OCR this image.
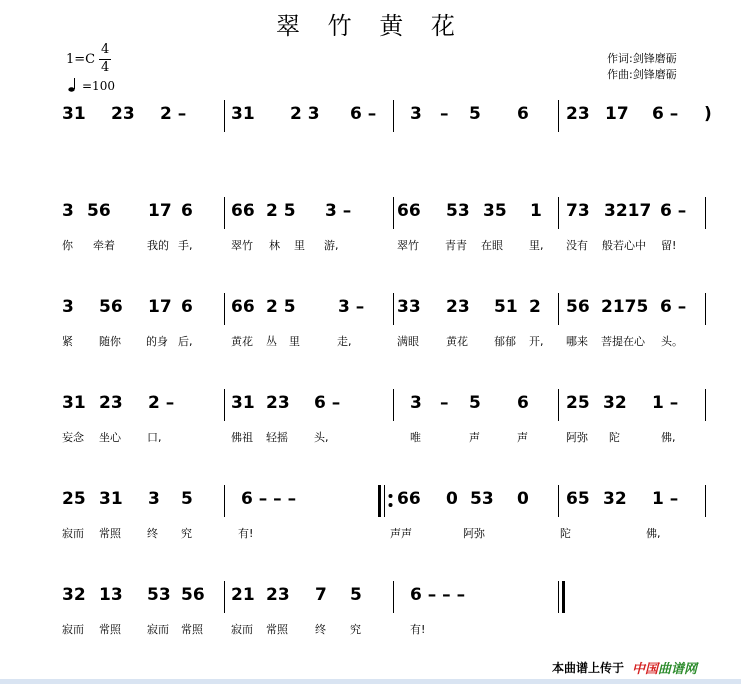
翠 竹 黄 花
1=C
4
4
=100
作词:剑锋磨砺
作曲:剑锋磨砺
31 23 2 –	31 2 3 6 – 3 – 5 6 23 17 6 – )
3 56 17 6 66 2 5 3 –	66 53 35 1 73 3217 6 –
你 牵着	我的 手,	翠竹 林 里 游,	翠竹 青青 在眼 里, 没有 般若心中 留!
3 56 17 6 66 2 5 3 – 33 23 51 2 56 2175 6 –
紧 随你 的身 后,	黄花 丛 里	走,	满眼 黄花 郁郁 开, 哪来 菩提在心 头。
31 23 2 –	31 23 6 –	3 – 5 6 25 32 1 –
妄念 坐心 口,	佛祖 轻摇 头,	唯	声	声	阿弥 陀	佛,
25 31 3 5	6 – – –	66 0 53 0 65 32 1 –
寂而 常照 终 究	有!	声声	阿弥	陀	佛,
32 13 53 56 21 23 7 5	6 – – –
寂而 常照 寂而 常照	寂而 常照 终 究	有!
本曲谱上传于 中国曲谱网
